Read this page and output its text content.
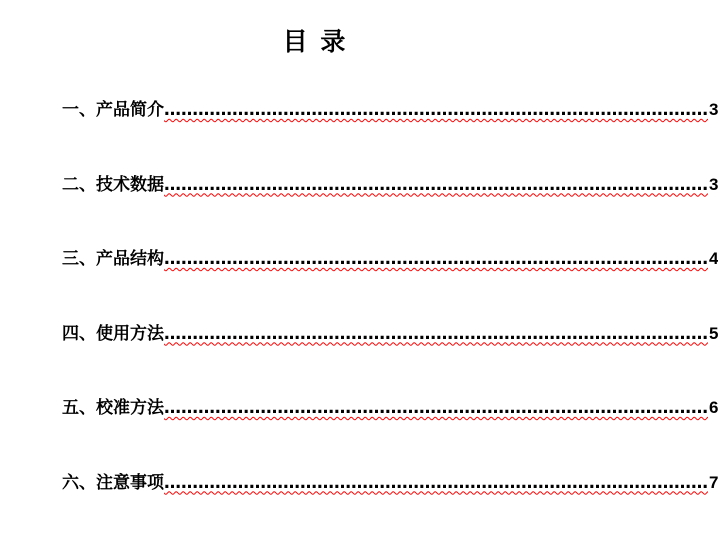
目 录
一、产品简介 …………………………………………………………………………………… 3
二、技术数据 …………………………………………………………………………………… 3
三、产品结构 …………………………………………………………………………………… 4
四、使用方法 …………………………………………………………………………………… 5
五、校准方法 …………………………………………………………………………………… 6
六、注意事项 …………………………………………………………………………………… 7
